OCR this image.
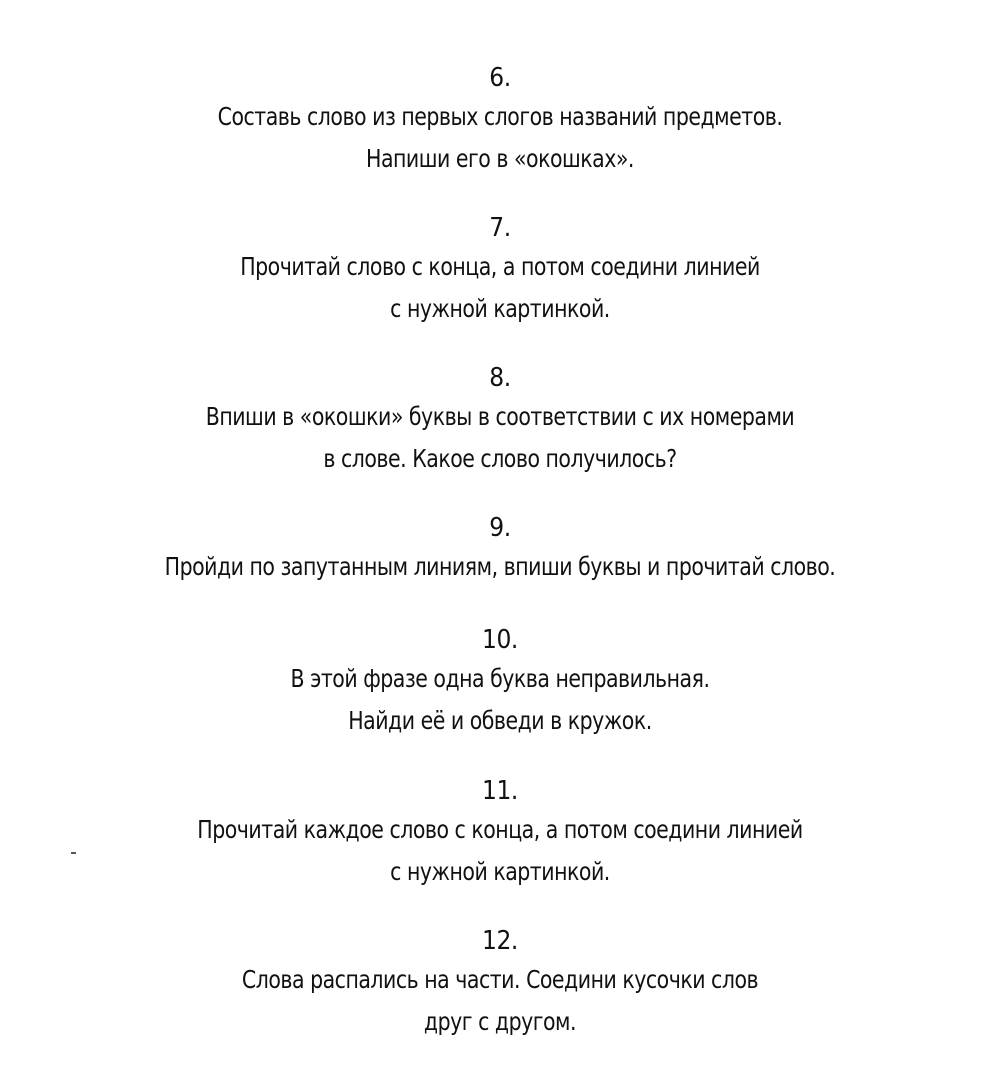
6.
Составь слово из первых слогов названий предметов.
Напиши его в «окошках».
7.
Прочитай слово с конца, а потом соедини линией
с нужной картинкой.
8.
Впиши в «окошки» буквы в соответствии с их номерами
в слове. Какое слово получилось?
9.
Пройди по запутанным линиям, впиши буквы и прочитай слово.
10.
В этой фразе одна буква неправильная.
Найди её и обведи в кружок.
11.
Прочитай каждое слово с конца, а потом соедини линией
с нужной картинкой.
12.
Слова распались на части. Соедини кусочки слов
друг с другом.
